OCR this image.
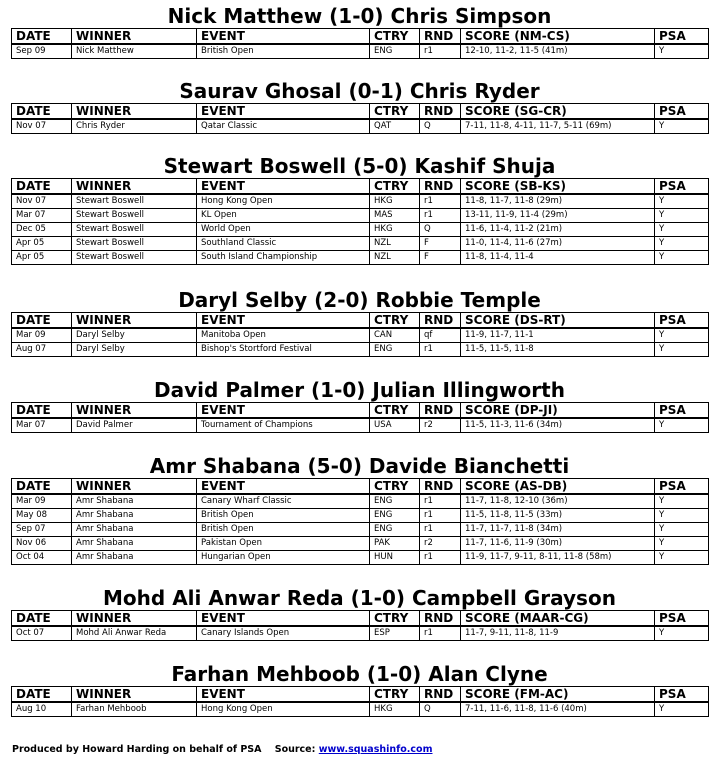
Nick Matthew (1-0) Chris Simpson
DATE	WINNER	EVENT	CTRY	RND	SCORE (NM-CS)	PSA
Sep 09	Nick Matthew	British Open	ENG	r1	12-10, 11-2, 11-5 (41m)	Y
Saurav Ghosal (0-1) Chris Ryder
DATE	WINNER	EVENT	CTRY	RND	SCORE (SG-CR)	PSA
Nov 07	Chris Ryder	Qatar Classic	QAT	Q	7-11, 11-8, 4-11, 11-7, 5-11 (69m)	Y
Stewart Boswell (5-0) Kashif Shuja
DATE	WINNER	EVENT	CTRY	RND	SCORE (SB-KS)	PSA
Nov 07	Stewart Boswell	Hong Kong Open	HKG	r1	11-8, 11-7, 11-8 (29m)	Y
Mar 07	Stewart Boswell	KL Open	MAS	r1	13-11, 11-9, 11-4 (29m)	Y
Dec 05	Stewart Boswell	World Open	HKG	Q	11-6, 11-4, 11-2 (21m)	Y
Apr 05	Stewart Boswell	Southland Classic	NZL	F	11-0, 11-4, 11-6 (27m)	Y
Apr 05	Stewart Boswell	South Island Championship	NZL	F	11-8, 11-4, 11-4	Y
Daryl Selby (2-0) Robbie Temple
DATE	WINNER	EVENT	CTRY	RND	SCORE (DS-RT)	PSA
Mar 09	Daryl Selby	Manitoba Open	CAN	qf	11-9, 11-7, 11-1	Y
Aug 07	Daryl Selby	Bishop's Stortford Festival	ENG	r1	11-5, 11-5, 11-8	Y
David Palmer (1-0) Julian Illingworth
DATE	WINNER	EVENT	CTRY	RND	SCORE (DP-JI)	PSA
Mar 07	David Palmer	Tournament of Champions	USA	r2	11-5, 11-3, 11-6 (34m)	Y
Amr Shabana (5-0) Davide Bianchetti
DATE	WINNER	EVENT	CTRY	RND	SCORE (AS-DB)	PSA
Mar 09	Amr Shabana	Canary Wharf Classic	ENG	r1	11-7, 11-8, 12-10 (36m)	Y
May 08	Amr Shabana	British Open	ENG	r1	11-5, 11-8, 11-5 (33m)	Y
Sep 07	Amr Shabana	British Open	ENG	r1	11-7, 11-7, 11-8 (34m)	Y
Nov 06	Amr Shabana	Pakistan Open	PAK	r2	11-7, 11-6, 11-9 (30m)	Y
Oct 04	Amr Shabana	Hungarian Open	HUN	r1	11-9, 11-7, 9-11, 8-11, 11-8 (58m)	Y
Mohd Ali Anwar Reda (1-0) Campbell Grayson
DATE	WINNER	EVENT	CTRY	RND	SCORE (MAAR-CG)	PSA
Oct 07	Mohd Ali Anwar Reda	Canary Islands Open	ESP	r1	11-7, 9-11, 11-8, 11-9	Y
Farhan Mehboob (1-0) Alan Clyne
DATE	WINNER	EVENT	CTRY	RND	SCORE (FM-AC)	PSA
Aug 10	Farhan Mehboob	Hong Kong Open	HKG	Q	7-11, 11-6, 11-8, 11-6 (40m)	Y
Produced by Howard Harding on behalf of PSA Source: www.squashinfo.com
